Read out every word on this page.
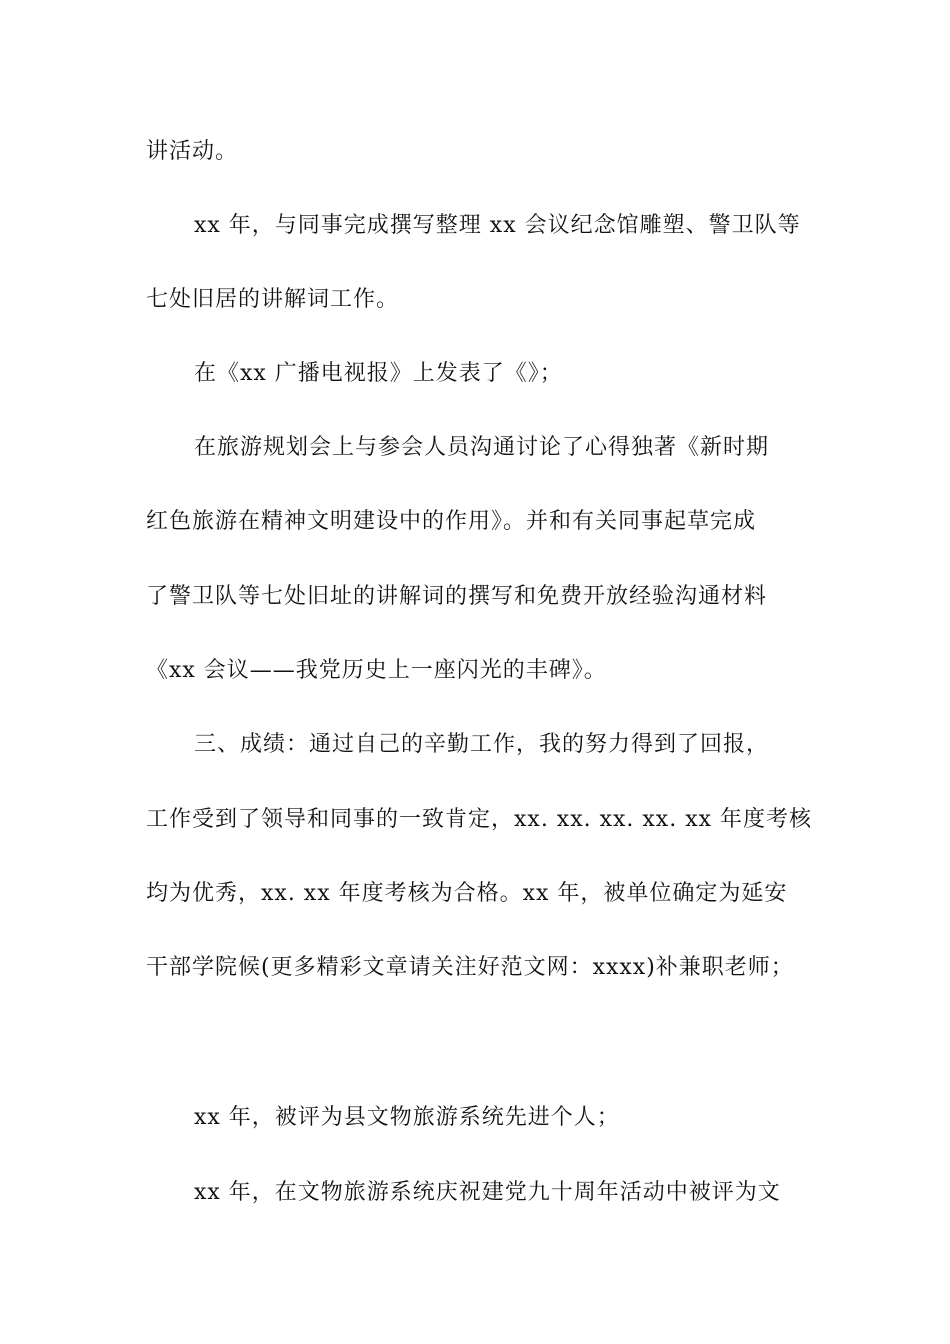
讲活动。
xx 年，与同事完成撰写整理 xx 会议纪念馆雕塑、警卫队等
七处旧居的讲解词工作。
在《xx 广播电视报》上发表了《》；
在旅游规划会上与参会人员沟通讨论了心得独著《新时期
红色旅游在精神文明建设中的作用》。并和有关同事起草完成
了警卫队等七处旧址的讲解词的撰写和免费开放经验沟通材料
《xx 会议——我党历史上一座闪光的丰碑》。
三、成绩：通过自己的辛勤工作，我的努力得到了回报，
工作受到了领导和同事的一致肯定，xx. xx. xx. xx. xx 年度考核
均为优秀，xx. xx 年度考核为合格。xx 年，被单位确定为延安
干部学院候(更多精彩文章请关注好范文网：xxxx)补兼职老师；
xx 年，被评为县文物旅游系统先进个人；
xx 年，在文物旅游系统庆祝建党九十周年活动中被评为文
